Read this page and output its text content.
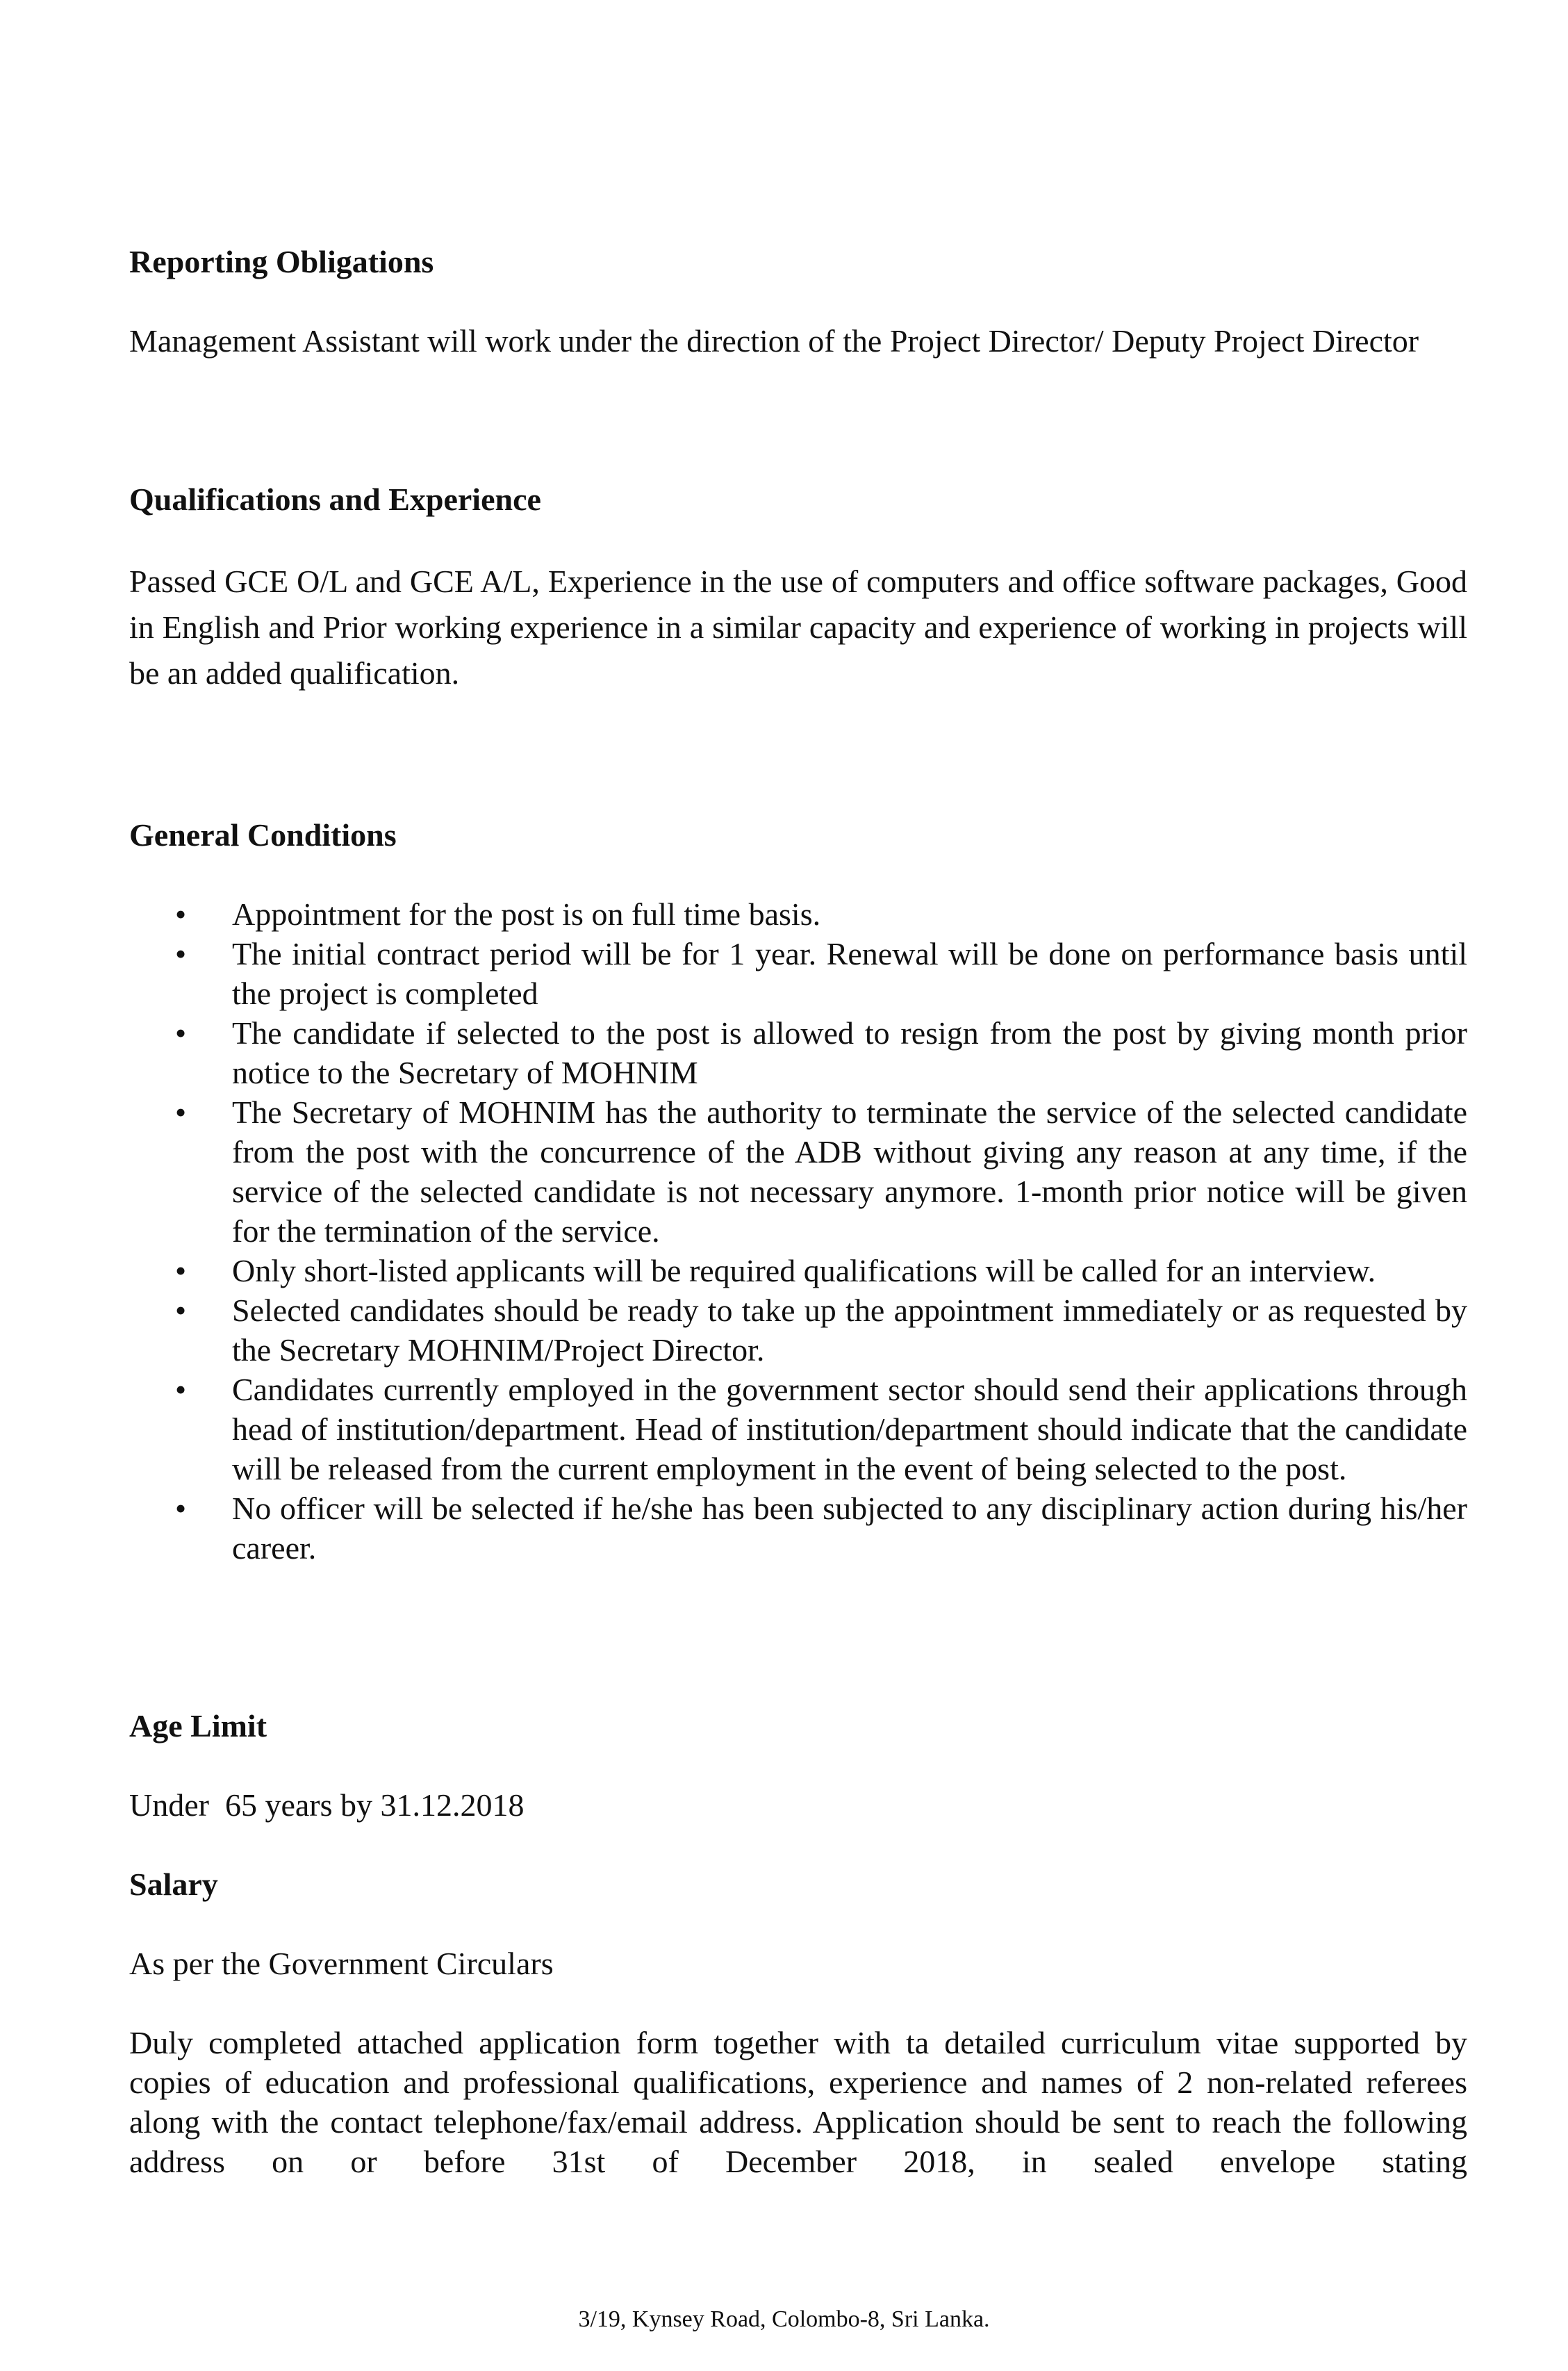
Reporting Obligations

Management Assistant will work under the direction of the Project Director/ Deputy Project Director

Qualifications and Experience

Passed GCE O/L and GCE A/L, Experience in the use of computers and office software packages, Good in English and Prior working experience in a similar capacity and experience of working in projects will be an added qualification.

General Conditions
• Appointment for the post is on full time basis.
• The initial contract period will be for 1 year. Renewal will be done on performance basis until the project is completed
• The candidate if selected to the post is allowed to resign from the post by giving month prior notice to the Secretary of MOHNIM
• The Secretary of MOHNIM has the authority to terminate the service of the selected candidate from the post with the concurrence of the ADB without giving any reason at any time, if the service of the selected candidate is not necessary anymore. 1-month prior notice will be given for the termination of the service.
• Only short-listed applicants will be required qualifications will be called for an interview.
• Selected candidates should be ready to take up the appointment immediately or as requested by the Secretary MOHNIM/Project Director.
• Candidates currently employed in the government sector should send their applications through head of institution/department. Head of institution/department should indicate that the candidate will be released from the current employment in the event of being selected to the post.
• No officer will be selected if he/she has been subjected to any disciplinary action during his/her career.
Age Limit

Under  65 years by 31.12.2018

Salary

As per the Government Circulars

Duly completed attached application form together with ta detailed curriculum vitae supported by copies of education and professional qualifications, experience and names of 2 non-related referees along with the contact telephone/fax/email address. Application should be sent to reach the following address on or before 31st of December 2018, in sealed envelope stating

3/19, Kynsey Road, Colombo-8, Sri Lanka.
